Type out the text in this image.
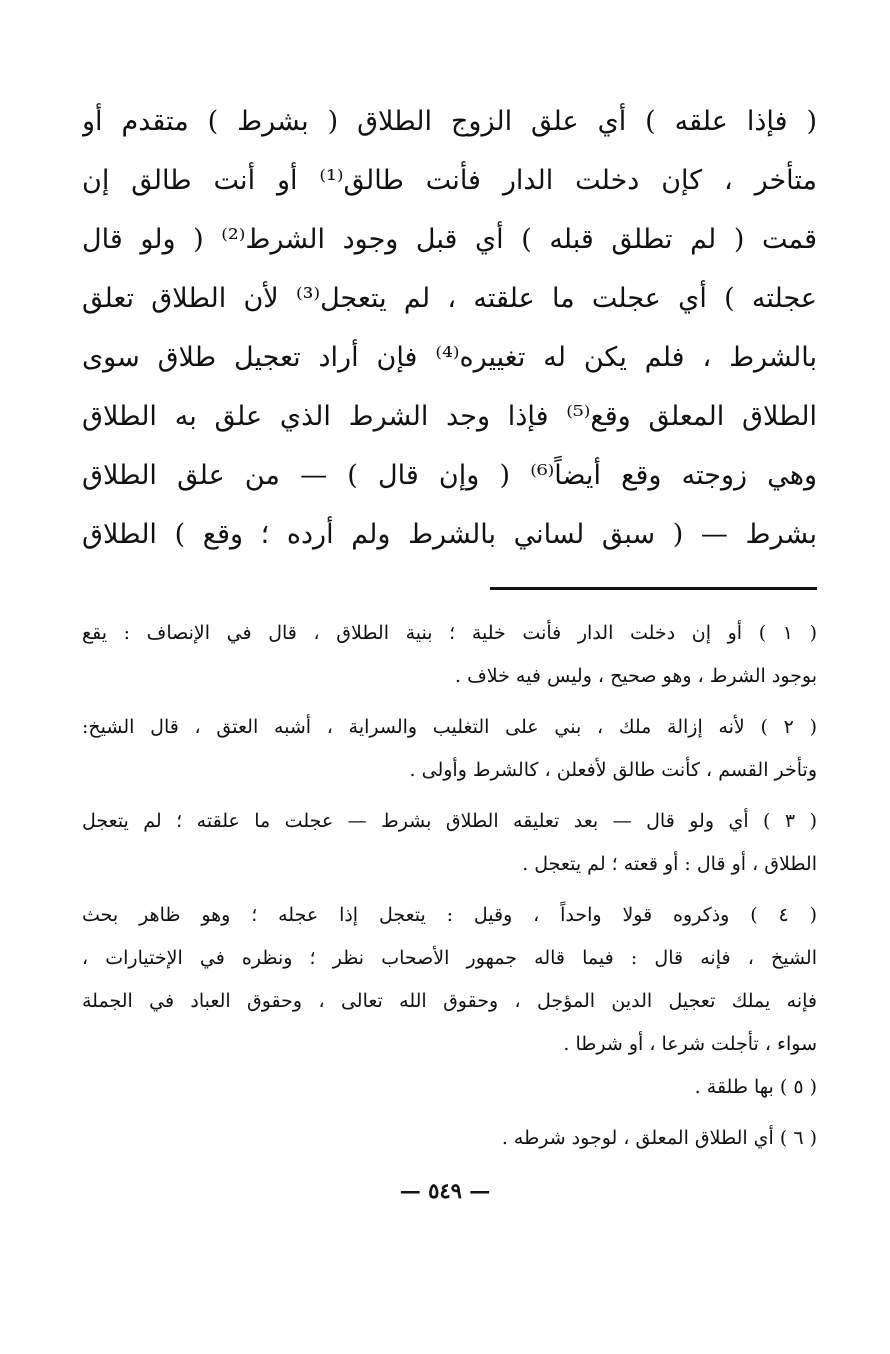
( فإذا علقه ) أي علق الزوج الطلاق ( بشرط ) متقدم أو
متأخر ، كإن دخلت الدار فأنت طالق⁽¹⁾ أو أنت طالق إن
قمت ( لم تطلق قبله ) أي قبل وجود الشرط⁽²⁾ ( ولو قال
عجلته ) أي عجلت ما علقته ، لم يتعجل⁽³⁾ لأن الطلاق تعلق
بالشرط ، فلم يكن له تغييره⁽⁴⁾ فإن أراد تعجيل طلاق سوى
الطلاق المعلق وقع⁽⁵⁾ فإذا وجد الشرط الذي علق به الطلاق
وهي زوجته وقع أيضاً⁽⁶⁾ ( وإن قال ) — من علق الطلاق
بشرط — ( سبق لساني بالشرط ولم أرده ؛ وقع ) الطلاق
( ١ ) أو إن دخلت الدار فأنت خلية ؛ بنية الطلاق ، قال في الإنصاف : يقع
بوجود الشرط ، وهو صحيح ، وليس فيه خلاف .
( ٢ ) لأنه إزالة ملك ، بني على التغليب والسراية ، أشبه العتق ، قال الشيخ:
وتأخر القسم ، كأنت طالق لأفعلن ، كالشرط وأولى .
( ٣ ) أي ولو قال — بعد تعليقه الطلاق بشرط — عجلت ما علقته ؛ لم يتعجل
الطلاق ، أو قال : أو قعته ؛ لم يتعجل .
( ٤ ) وذكروه قولا واحداً ، وقيل : يتعجل إذا عجله ؛ وهو ظاهر بحث
الشيخ ، فإنه قال : فيما قاله جمهور الأصحاب نظر ؛ ونظره في الإختيارات ،
فإنه يملك تعجيل الدين المؤجل ، وحقوق الله تعالى ، وحقوق العباد في الجملة
سواء ، تأجلت شرعا ، أو شرطا .
( ٥ ) بها طلقة .
( ٦ ) أي الطلاق المعلق ، لوجود شرطه .
— ٥٤٩ —
